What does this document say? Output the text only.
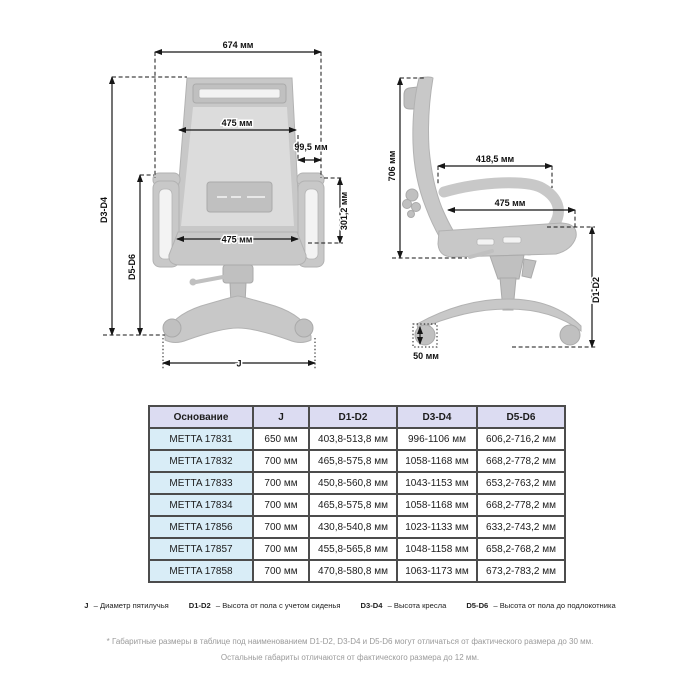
674 мм
475 мм
99,5 мм
D3-D4
D5-D6
301,2 мм
475 мм
J
706 мм	418,5 мм
475 мм
D1-D2
50 мм
Основание	J	D1-D2	D3-D4	D5-D6
METTA 17831	650 мм	403,8-513,8 мм	996-1106 мм	606,2-716,2 мм
METTA 17832	700 мм	465,8-575,8 мм	1058-1168 мм	668,2-778,2 мм
METTA 17833	700 мм	450,8-560,8 мм	1043-1153 мм	653,2-763,2 мм
METTA 17834	700 мм	465,8-575,8 мм	1058-1168 мм	668,2-778,2 мм
METTA 17856	700 мм	430,8-540,8 мм	1023-1133 мм	633,2-743,2 мм
METTA 17857	700 мм	455,8-565,8 мм	1048-1158 мм	658,2-768,2 мм
METTA 17858	700 мм	470,8-580,8 мм	1063-1173 мм	673,2-783,2 мм
J – Диаметр пятилучья	D1-D2 – Высота от пола с учетом сиденья	D3-D4 – Высота кресла	D5-D6 – Высота от пола до подлокотника
* Габаритные размеры в таблице под наименованием D1-D2, D3-D4 и D5-D6 могут отличаться от фактического размера до 30 мм.
Остальные габариты отличаются от фактического размера до 12 мм.
